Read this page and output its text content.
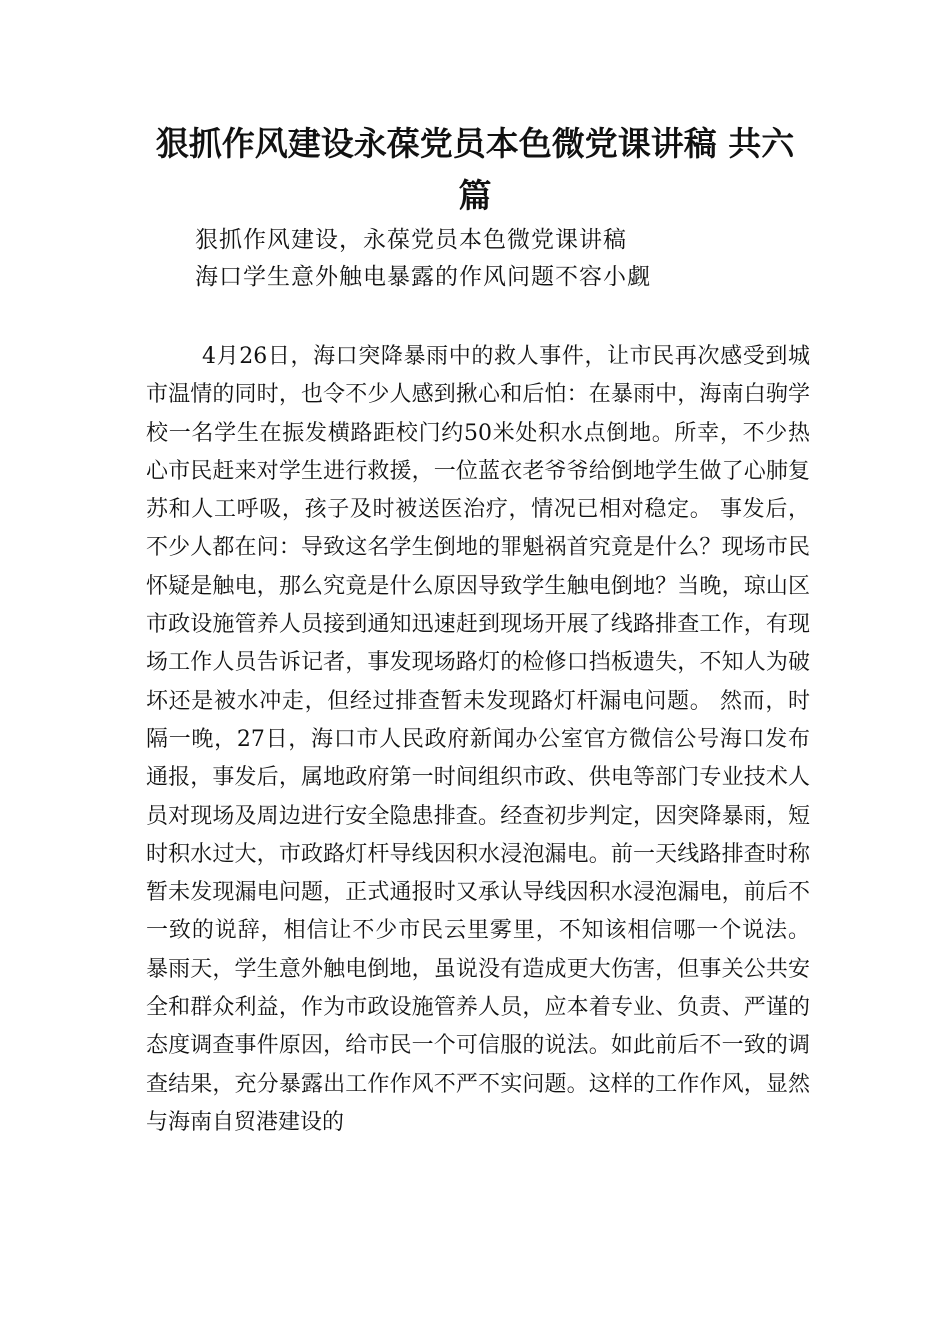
狠抓作风建设永葆党员本色微党课讲稿 共六篇
狠抓作风建设，永葆党员本色微党课讲稿
海口学生意外触电暴露的作风问题不容小觑

4月26日，海口突降暴雨中的救人事件，让市民再次感受到城市温情的同时，也令不少人感到揪心和后怕：在暴雨中，海南白驹学校一名学生在振发横路距校门约50米处积水点倒地。所幸，不少热心市民赶来对学生进行救援，一位蓝衣老爷爷给倒地学生做了心肺复苏和人工呼吸，孩子及时被送医治疗，情况已相对稳定。 事发后，不少人都在问：导致这名学生倒地的罪魁祸首究竟是什么？现场市民怀疑是触电，那么究竟是什么原因导致学生触电倒地？当晚，琼山区市政设施管养人员接到通知迅速赶到现场开展了线路排查工作，有现场工作人员告诉记者，事发现场路灯的检修口挡板遗失，不知人为破坏还是被水冲走，但经过排查暂未发现路灯杆漏电问题。 然而，时隔一晚，27日，海口市人民政府新闻办公室官方微信公号海口发布通报，事发后，属地政府第一时间组织市政、供电等部门专业技术人员对现场及周边进行安全隐患排查。经查初步判定，因突降暴雨，短时积水过大，市政路灯杆导线因积水浸泡漏电。前一天线路排查时称暂未发现漏电问题，正式通报时又承认导线因积水浸泡漏电，前后不一致的说辞，相信让不少市民云里雾里，不知该相信哪一个说法。 暴雨天，学生意外触电倒地，虽说没有造成更大伤害，但事关公共安全和群众利益，作为市政设施管养人员，应本着专业、负责、严谨的态度调查事件原因，给市民一个可信服的说法。如此前后不一致的调查结果，充分暴露出工作作风不严不实问题。这样的工作作风，显然与海南自贸港建设的
